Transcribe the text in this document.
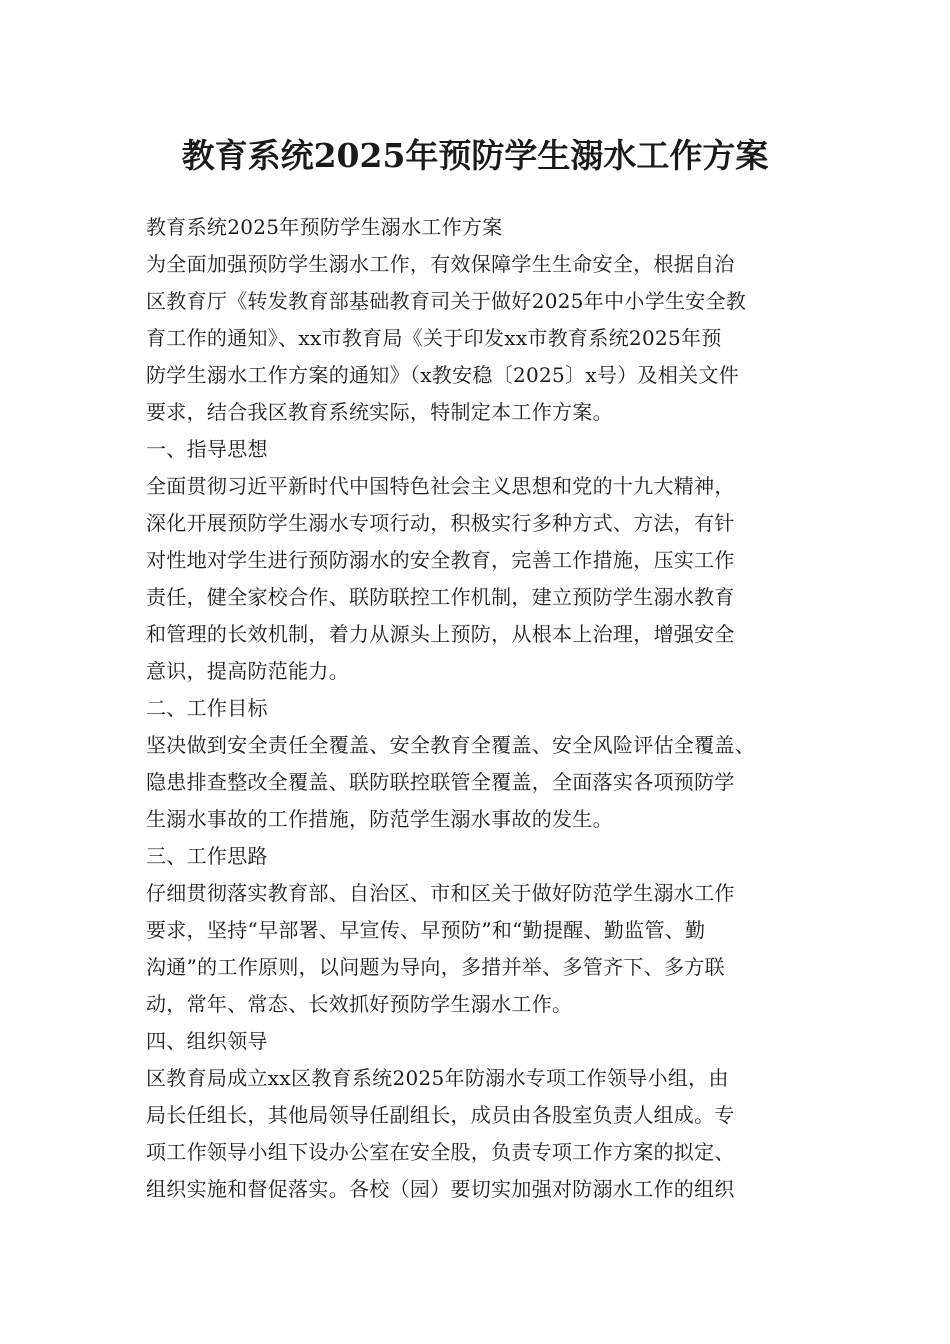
教育系统2025年预防学生溺水工作方案
教育系统2025年预防学生溺水工作方案
为全面加强预防学生溺水工作，有效保障学生生命安全，根据自治
区教育厅《转发教育部基础教育司关于做好2025年中小学生安全教
育工作的通知》、xx市教育局《关于印发xx市教育系统2025年预
防学生溺水工作方案的通知》（x教安稳〔2025〕x号）及相关文件
要求，结合我区教育系统实际，特制定本工作方案。
一、指导思想
全面贯彻习近平新时代中国特色社会主义思想和党的十九大精神，
深化开展预防学生溺水专项行动，积极实行多种方式、方法，有针
对性地对学生进行预防溺水的安全教育，完善工作措施，压实工作
责任，健全家校合作、联防联控工作机制，建立预防学生溺水教育
和管理的长效机制，着力从源头上预防，从根本上治理，增强安全
意识，提高防范能力。
二、工作目标
坚决做到安全责任全覆盖、安全教育全覆盖、安全风险评估全覆盖、
隐患排查整改全覆盖、联防联控联管全覆盖，全面落实各项预防学
生溺水事故的工作措施，防范学生溺水事故的发生。
三、工作思路
仔细贯彻落实教育部、自治区、市和区关于做好防范学生溺水工作
要求，坚持“早部署、早宣传、早预防”和“勤提醒、勤监管、勤
沟通”的工作原则，以问题为导向，多措并举、多管齐下、多方联
动，常年、常态、长效抓好预防学生溺水工作。
四、组织领导
区教育局成立xx区教育系统2025年防溺水专项工作领导小组，由
局长任组长，其他局领导任副组长，成员由各股室负责人组成。专
项工作领导小组下设办公室在安全股，负责专项工作方案的拟定、
组织实施和督促落实。各校（园）要切实加强对防溺水工作的组织
